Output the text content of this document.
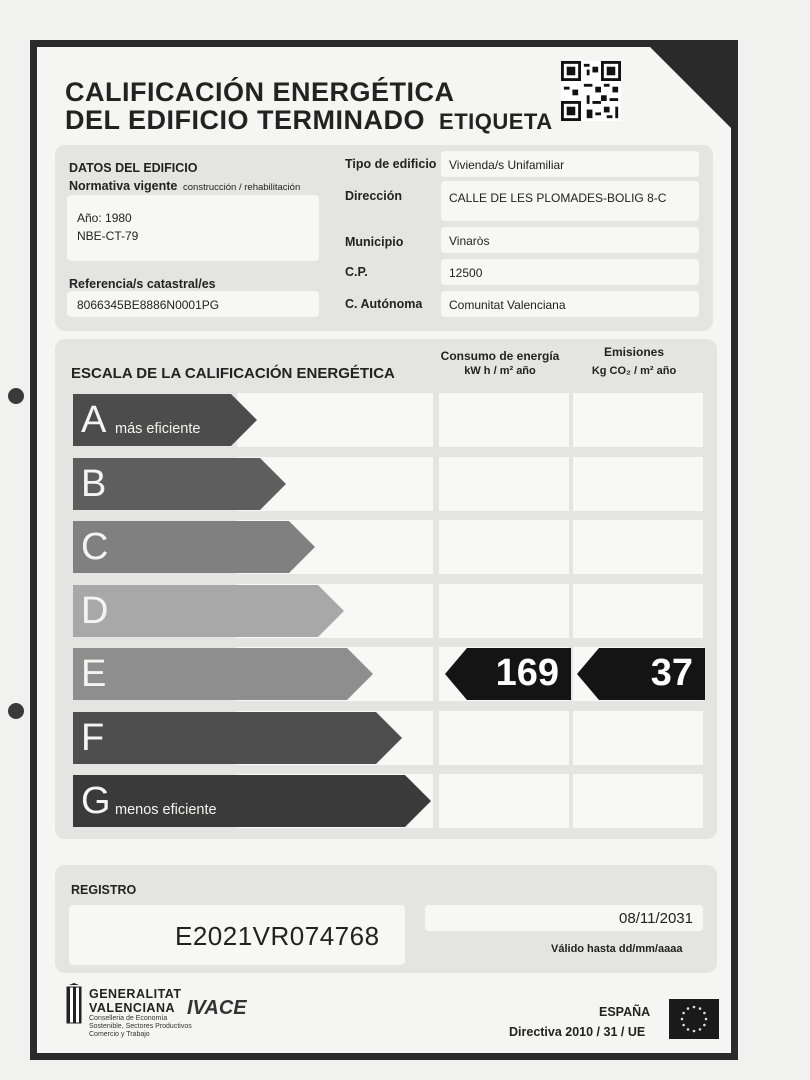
CALIFICACIÓN ENERGÉTICA
DEL EDIFICIO TERMINADO ETIQUETA
DATOS DEL EDIFICIO
Normativa vigente construcción / rehabilitación
Año: 1980
NBE-CT-79
Referencia/s catastral/es
8066345BE8886N0001PG
Tipo de edificio Vivienda/s Unifamiliar
Dirección	CALLE DE LES PLOMADES-BOLIG 8-C
Municipio	Vinaròs
C.P.	12500
C. Autónoma Comunitat Valenciana
ESCALA DE LA CALIFICACIÓN ENERGÉTICA
Consumo de energía
kW h / m² año
Emisiones
Kg CO₂ / m² año
A más eficiente
B
C
D
E	169 37
F
G menos eficiente
REGISTRO
E2021VR074768
08/11/2031
Válido hasta dd/mm/aaaa
GENERALITAT
VALENCIANA
Conselleria de Economía
Sostenible, Sectores Productivos
Comercio y Trabajo
IVACE	ESPAÑA
Directiva 2010 / 31 / UE
